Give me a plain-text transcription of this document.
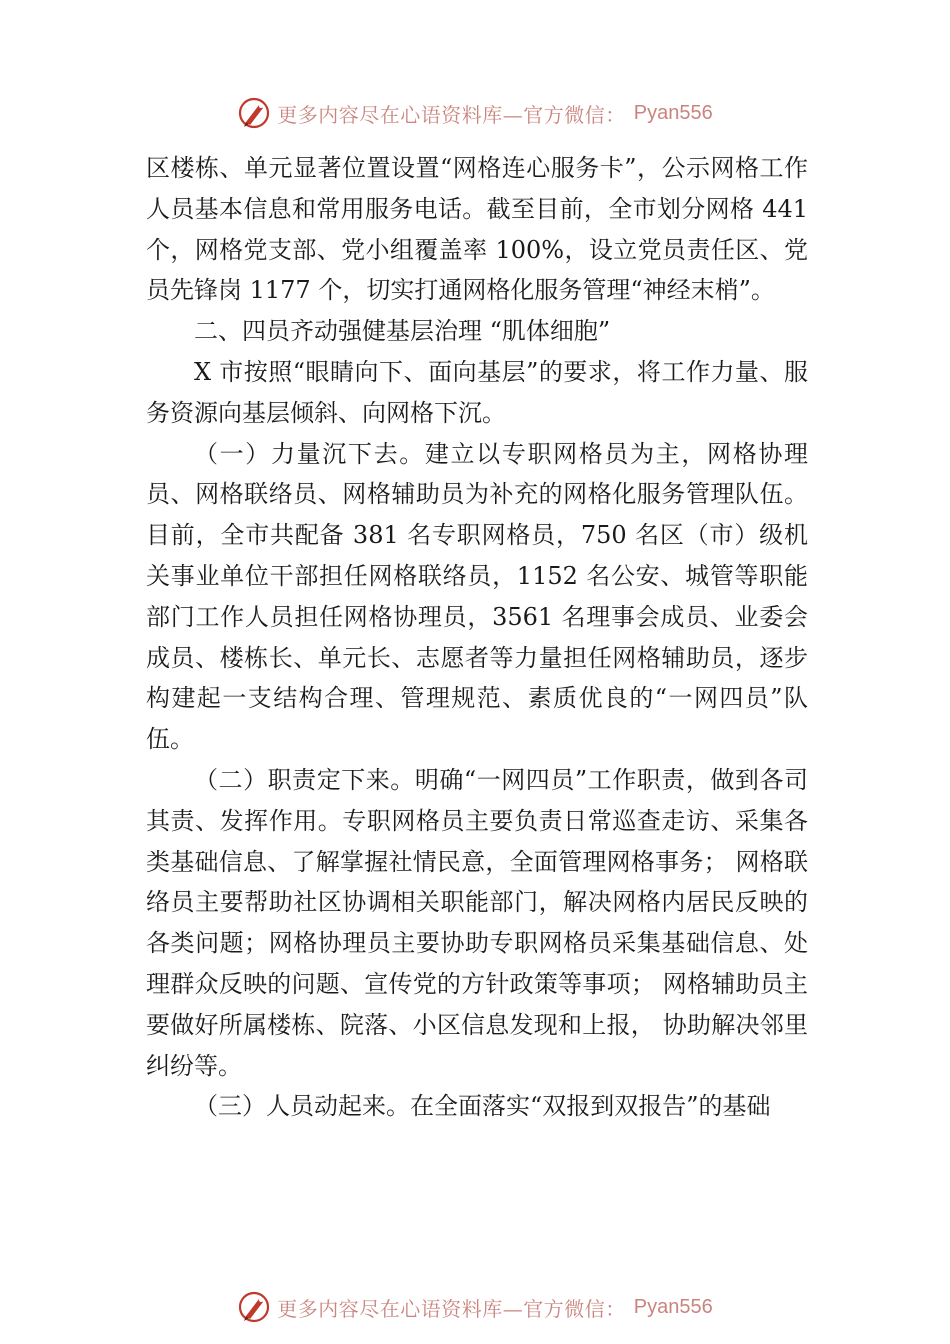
更多内容尽在心语资料库—官方微信： Pyan556

区楼栋、单元显著位置设置“网格连心服务卡”，公示网格工作人员基本信息和常用服务电话。截至目前，全市划分网格 441 个，网格党支部、党小组覆盖率 100%，设立党员责任区、党员先锋岗 1177 个，切实打通网格化服务管理“神经末梢”。

二、四员齐动强健基层治理 “肌体细胞”

X 市按照“眼睛向下、面向基层”的要求，将工作力量、服务资源向基层倾斜、向网格下沉。

（一）力量沉下去。建立以专职网格员为主，网格协理员、网格联络员、网格辅助员为补充的网格化服务管理队伍。目前，全市共配备 381 名专职网格员，750 名区（市）级机关事业单位干部担任网格联络员，1152 名公安、城管等职能部门工作人员担任网格协理员，3561 名理事会成员、业委会成员、楼栋长、单元长、志愿者等力量担任网格辅助员，逐步构建起一支结构合理、管理规范、素质优良的“一网四员”队伍。

（二）职责定下来。明确“一网四员”工作职责，做到各司其责、发挥作用。专职网格员主要负责日常巡查走访、采集各类基础信息、了解掌握社情民意，全面管理网格事务； 网格联络员主要帮助社区协调相关职能部门，解决网格内居民反映的各类问题；网格协理员主要协助专职网格员采集基础信息、处理群众反映的问题、宣传党的方针政策等事项； 网格辅助员主要做好所属楼栋、院落、小区信息发现和上报， 协助解决邻里纠纷等。

（三）人员动起来。在全面落实“双报到双报告”的基础

更多内容尽在心语资料库—官方微信： Pyan556
